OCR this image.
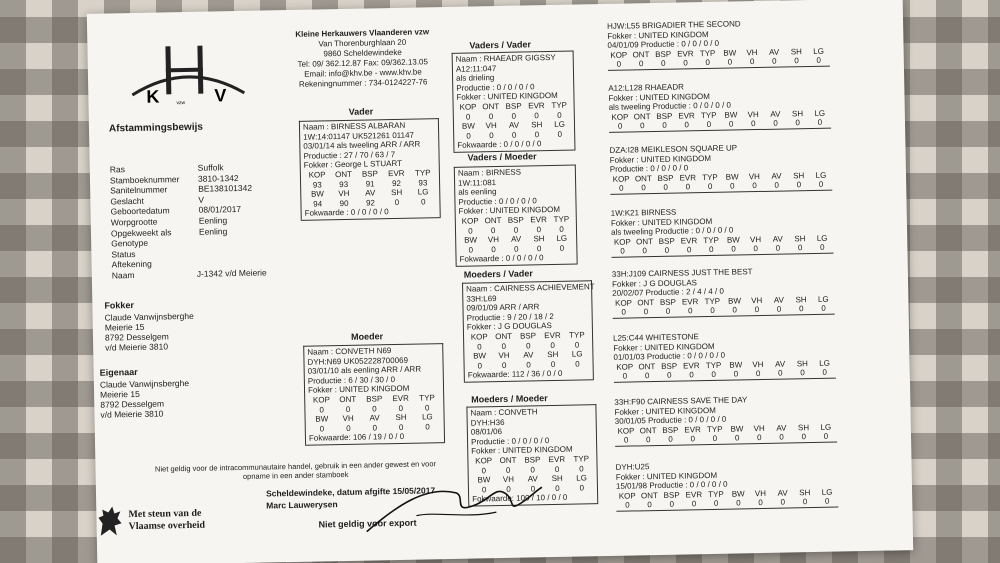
K	V
H
vzw
Kleine Herkauwers Vlaanderen vzw
Van Thorenburghlaan 20
9860 Scheldewindeke
Tel: 09/ 362.12.87 Fax: 09/362.13.05
Email: info@khv.be - www.khv.be
Rekeningnummer : 734-0124227-76
Afstammingsbewijs
Ras	Suffolk
Stamboeknummer 3810-1342
Sanitelnummer	BE138101342
Geslacht	V
Geboortedatum	08/01/2017
Worpgrootte	Eenling
Opgekweekt als	Eenling
Genotype
Status
Aftekening
Naam	J-1342 v/d Meierie
Fokker
Claude Vanwijnsberghe
Meierie 15
8792 Desselgem
v/d Meierie 3810
Eigenaar
Claude Vanwijnsberghe
Meierie 15
8792 Desselgem
v/d Meierie 3810
Vader
Naam : BIRNESS ALBARAN
1W:14:01147 UK521261 01147
03/01/14 als tweeling ARR / ARR
Productie : 27 / 70 / 63 / 7
Fokker : George L STUART
KOP	ONT	BSP	EVR	TYP
93	93	91	92	93
BW	VH	AV	SH	LG
94	90	92	0	0
Fokwaarde : 0 / 0 / 0 / 0
Moeder
Naam : CONVETH N69
DYH:N69 UK052228700069
03/01/10 als eenling ARR / ARR
Productie : 6 / 30 / 30 / 0
Fokker : UNITED KINGDOM
KOP	ONT	BSP	EVR	TYP
0	0	0	0	0
BW	VH	AV	SH	LG
0	0	0	0	0
Fokwaarde: 106 / 19 / 0 / 0
Vaders / Vader
Naam : RHAEADR GIGSSY
A12:11:047
als drieling
Productie : 0 / 0 / 0 / 0
Fokker : UNITED KINGDOM
KOP ONT BSP EVR TYP
0	0	0	0	0
BW	VH	AV	SH	LG
0	0	0	0	0
Fokwaarde : 0 / 0 / 0 / 0
Vaders / Moeder
Naam : BIRNESS
1W:11:081
als eenling
Productie : 0 / 0 / 0 / 0
Fokker : UNITED KINGDOM
KOP ONT BSP EVR TYP
0	0	0	0	0
BW	VH	AV	SH	LG
0	0	0	0	0
Fokwaarde : 0 / 0 / 0 / 0
Moeders / Vader
Naam : CAIRNESS ACHIEVEMENT
33H:L69
09/01/09 ARR / ARR
Productie : 9 / 20 / 18 / 2
Fokker : J G DOUGLAS
KOP ONT BSP EVR	TYP
0	0	0	0	0
BW	VH	AV	SH	LG
0	0	0	0	0
Fokwaarde: 112 / 36 / 0 / 0
Moeders / Moeder
Naam : CONVETH
DYH:H36
08/01/06
Productie : 0 / 0 / 0 / 0
Fokker : UNITED KINGDOM
KOP ONT BSP EVR	TYP
0	0	0	0	0
BW	VH	AV	SH	LG
0	0	0	0	0
Fokwaarde: 100 / 10 / 0 / 0
HJW:L55 BRIGADIER THE SECOND
Fokker : UNITED KINGDOM
04/01/09 Productie : 0 / 0 / 0 / 0
KOP ONT BSP EVR TYP BW	VH	AV	SH	LG
0	0	0	0	0	0	0	0	0	0
A12:L128 RHAEADR
Fokker : UNITED KINGDOM
als tweeling Productie : 0 / 0 / 0 / 0
KOP ONT BSP EVR TYP BW	VH	AV	SH	LG
0	0	0	0	0	0	0	0	0	0
DZA:I28 MEIKLESON SQUARE UP
Fokker : UNITED KINGDOM
Productie : 0 / 0 / 0 / 0
KOP ONT BSP EVR TYP BW	VH	AV	SH	LG
0	0	0	0	0	0	0	0	0	0
1W:K21 BIRNESS
Fokker : UNITED KINGDOM
als tweeling Productie : 0 / 0 / 0 / 0
KOP ONT BSP EVR TYP BW	VH	AV	SH	LG
0	0	0	0	0	0	0	0	0	0
33H:J109 CAIRNESS JUST THE BEST
Fokker : J G DOUGLAS
20/02/07 Productie : 2 / 4 / 4 / 0
KOP ONT BSP EVR TYP BW	VH	AV	SH	LG
0	0	0	0	0	0	0	0	0	0
L25:C44 WHITESTONE
Fokker : UNITED KINGDOM
01/01/03 Productie : 0 / 0 / 0 / 0
KOP ONT BSP EVR TYP BW	VH	AV	SH	LG
0	0	0	0	0	0	0	0	0	0
33H:F90 CAIRNESS SAVE THE DAY
Fokker : UNITED KINGDOM
30/01/05 Productie : 0 / 0 / 0 / 0
KOP ONT BSP EVR TYP BW	VH	AV	SH	LG
0	0	0	0	0	0	0	0	0	0
DYH:U25
Fokker : UNITED KINGDOM
15/01/98 Productie : 0 / 0 / 0 / 0
KOP ONT BSP EVR TYP BW	VH	AV	SH	LG
0	0	0	0	0	0	0	0	0	0
Niet geldig voor de intracommunautaire handel, gebruik in een ander gewest en voor opname in een ander stamboek
Scheldewindeke, datum afgifte 15/05/2017
Marc Lauwerysen
Niet geldig voor export
Met steun van de
Vlaamse overheid
